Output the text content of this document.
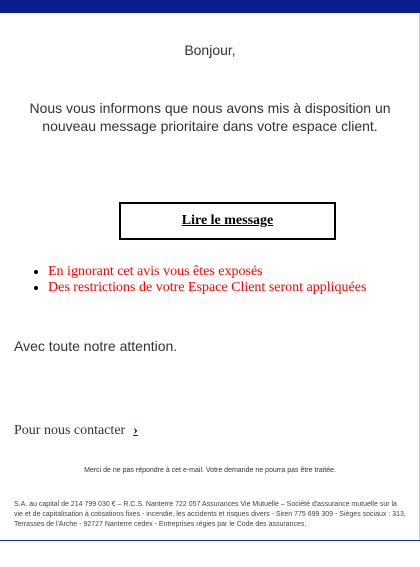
Bonjour,
Nous vous informons que nous avons mis à disposition un nouveau message prioritaire dans votre espace client.
Lire le message
• En ignorant cet avis vous êtes exposés
• Des restrictions de votre Espace Client seront appliquées
Avec toute notre attention.
Pour nous contacter ›
Merci de ne pas répondre à cet e-mail. Votre demande ne pourra pas être traitée.
S.A. au capital de 214 799 030 € – R.C.S. Nanterre 722 057 Assurances Vie Mutuelle – Société d'assurance mutuelle sur la vie et de capitalisation à cotisations fixes - incendie, les accidents et risques divers - Siren 775 699 309 - Sièges sociaux : 313, Terrasses de l'Arche - 92727 Nanterre cedex - Entreprises régies par le Code des assurances.
